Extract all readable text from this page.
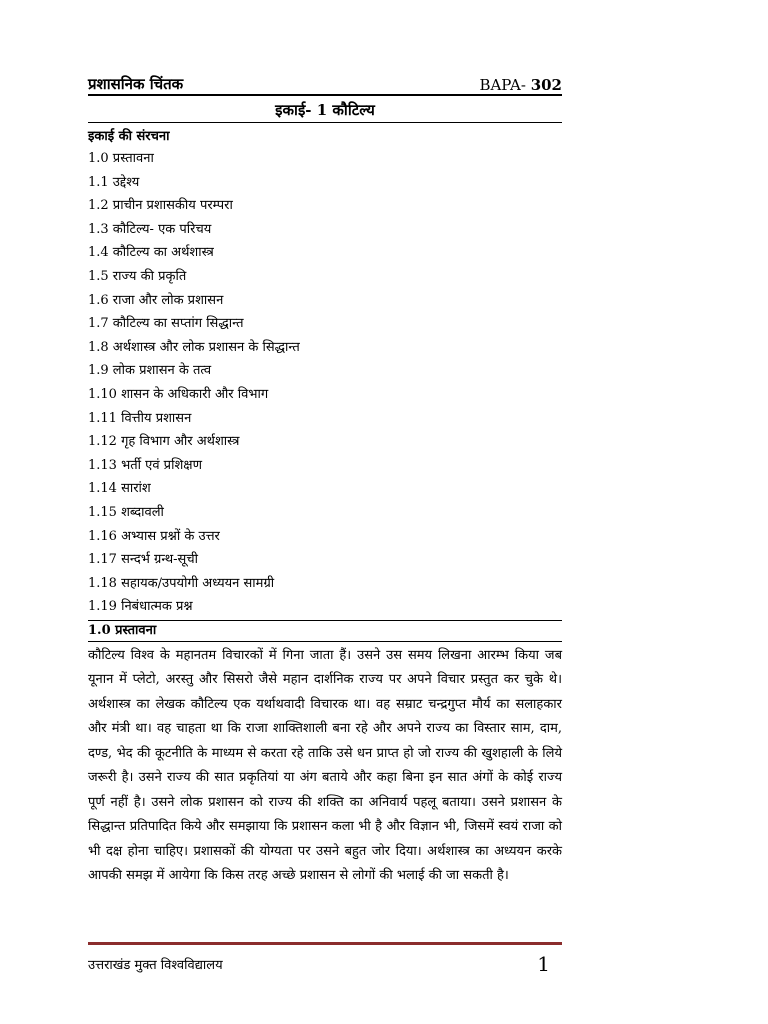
प्रशासनिक चिंतक	BAPA- 302
इकाई- 1 कौटिल्य
इकाई की संरचना
1.0 प्रस्तावना
1.1 उद्देश्य
1.2 प्राचीन प्रशासकीय परम्परा
1.3 कौटिल्य- एक परिचय
1.4 कौटिल्य का अर्थशास्त्र
1.5 राज्य की प्रकृति
1.6 राजा और लोक प्रशासन
1.7 कौटिल्य का सप्तांग सिद्धान्त
1.8 अर्थशास्त्र और लोक प्रशासन के सिद्धान्त
1.9 लोक प्रशासन के तत्व
1.10 शासन के अधिकारी और विभाग
1.11 वित्तीय प्रशासन
1.12 गृह विभाग और अर्थशास्त्र
1.13 भर्ती एवं प्रशिक्षण
1.14 सारांश
1.15 शब्दावली
1.16 अभ्यास प्रश्नों के उत्तर
1.17 सन्दर्भ ग्रन्थ-सूची
1.18 सहायक/उपयोगी अध्ययन सामग्री
1.19 निबंधात्मक प्रश्न
1.0 प्रस्तावना

कौटिल्य विश्व के महानतम विचारकों में गिना जाता हैं। उसने उस समय लिखना आरम्भ किया जब यूनान में प्लेटो, अरस्तु और सिसरो जैसे महान दार्शनिक राज्य पर अपने विचार प्रस्तुत कर चुके थे। अर्थशास्त्र का लेखक कौटिल्य एक यर्थाथवादी विचारक था। वह सम्राट चन्द्रगुप्त मौर्य का सलाहकार और मंत्री था। वह चाहता था कि राजा शाक्तिशाली बना रहे और अपने राज्य का विस्तार साम, दाम, दण्ड, भेद की कूटनीति के माध्यम से करता रहे ताकि उसे धन प्राप्त हो जो राज्य की खुशहाली के लिये जरूरी है। उसने राज्य की सात प्रकृतियां या अंग बताये और कहा बिना इन सात अंगों के कोई राज्य पूर्ण नहीं है। उसने लोक प्रशासन को राज्य की शक्ति का अनिवार्य पहलू बताया। उसने प्रशासन के सिद्धान्त प्रतिपादित किये और समझाया कि प्रशासन कला भी है और विज्ञान भी, जिसमें स्वयं राजा को भी दक्ष होना चाहिए। प्रशासकों की योग्यता पर उसने बहुत जोर दिया। अर्थशास्त्र का अध्ययन करके आपकी समझ में आयेगा कि किस तरह अच्छे प्रशासन से लोगों की भलाई की जा सकती है।

उत्तराखंड मुक्त विश्वविद्यालय	1
